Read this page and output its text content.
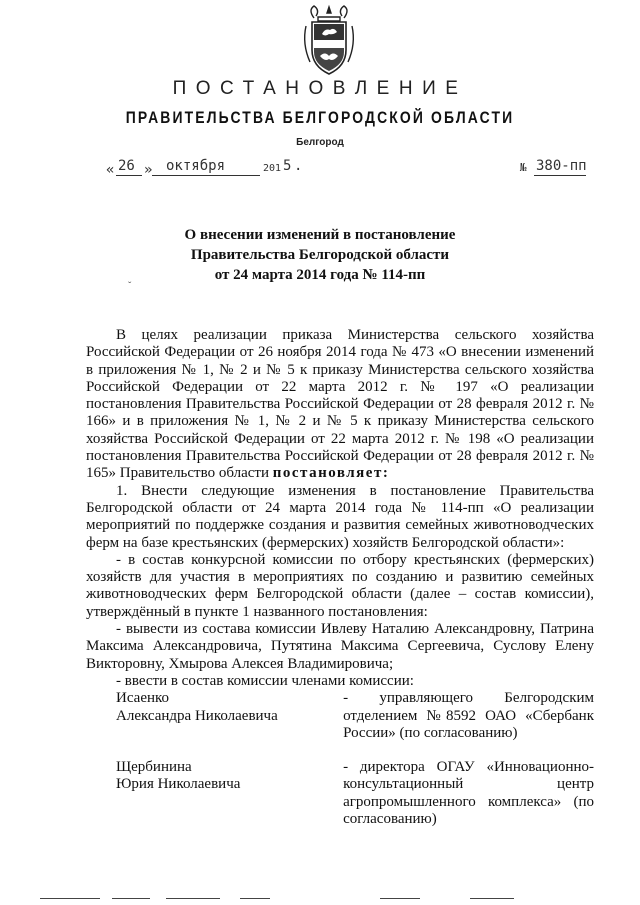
ПОСТАНОВЛЕНИЕ
ПРАВИТЕЛЬСТВА БЕЛГОРОДСКОЙ ОБЛАСТИ
Белгород
« 26 » октября	201 5 .	№ 380-пп
О внесении изменений в постановление
Правительства Белгородской области
от 24 марта 2014 года № 114-пп
ˇ

В целях реализации приказа Министерства сельского хозяйства Российской Федерации от 26 ноября 2014 года № 473 «О внесении изменений в приложения № 1, № 2 и № 5 к приказу Министерства сельского хозяйства Российской Федерации от 22 марта 2012 г. № 197 «О реализации постановления Правительства Российской Федерации от 28 февраля 2012 г. № 166» и в приложения № 1, № 2 и № 5 к приказу Министерства сельского хозяйства Российской Федерации от 22 марта 2012 г. № 198 «О реализации постановления Правительства Российской Федерации от 28 февраля 2012 г. № 165» Правительство области постановляет:

1. Внести следующие изменения в постановление Правительства Белгородской области от 24 марта 2014 года № 114-пп «О реализации мероприятий по поддержке создания и развития семейных животноводческих ферм на базе крестьянских (фермерских) хозяйств Белгородской области»:

- в состав конкурсной комиссии по отбору крестьянских (фермерских) хозяйств для участия в мероприятиях по созданию и развитию семейных животноводческих ферм Белгородской области (далее – состав комиссии), утверждённый в пункте 1 названного постановления:

- вывести из состава комиссии Ивлеву Наталию Александровну, Патрина Максима Александровича, Путятина Максима Сергеевича, Суслову Елену Викторовну, Хмырова Алексея Владимировича;

- ввести в состав комиссии членами комиссии:

Исаенко
Александра Николаевича
- управляющего Белгородским отделением №8592 ОАО «Сбербанк России» (по согласованию)
Щербинина
Юрия Николаевича
- директора ОГАУ «Инновационно-консультационный центр агропромышленного комплекса» (по согласованию)
